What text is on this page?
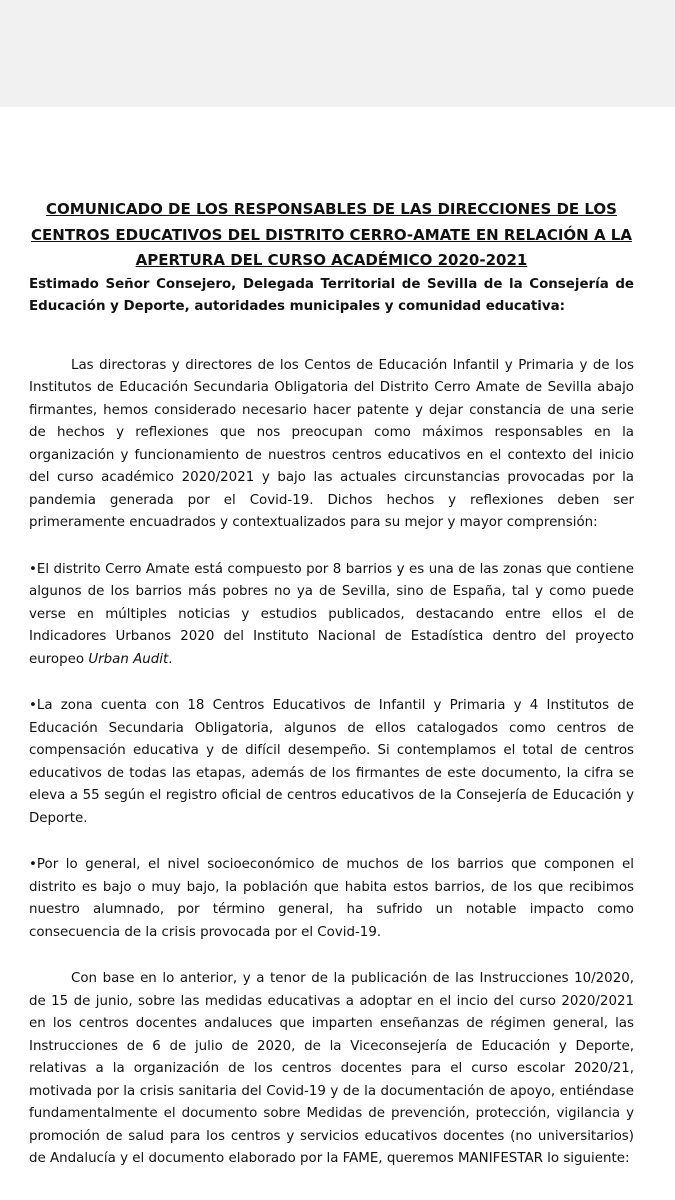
COMUNICADO DE LOS RESPONSABLES DE LAS DIRECCIONES DE LOS CENTROS EDUCATIVOS DEL DISTRITO CERRO-AMATE EN RELACIÓN A LA APERTURA DEL CURSO ACADÉMICO 2020-2021

Estimado Señor Consejero, Delegada Territorial de Sevilla de la Consejería de Educación y Deporte, autoridades municipales y comunidad educativa:

Las directoras y directores de los Centos de Educación Infantil y Primaria y de los Institutos de Educación Secundaria Obligatoria del Distrito Cerro Amate de Sevilla abajo firmantes, hemos considerado necesario hacer patente y dejar constancia de una serie de hechos y reflexiones que nos preocupan como máximos responsables en la organización y funcionamiento de nuestros centros educativos en el contexto del inicio del curso académico 2020/2021 y bajo las actuales circunstancias provocadas por la pandemia generada por el Covid-19. Dichos hechos y reflexiones deben ser primeramente encuadrados y contextualizados para su mejor y mayor comprensión:

•El distrito Cerro Amate está compuesto por 8 barrios y es una de las zonas que contiene algunos de los barrios más pobres no ya de Sevilla, sino de España, tal y como puede verse en múltiples noticias y estudios publicados, destacando entre ellos el de Indicadores Urbanos 2020 del Instituto Nacional de Estadística dentro del proyecto europeo Urban Audit.

•La zona cuenta con 18 Centros Educativos de Infantil y Primaria y 4 Institutos de Educación Secundaria Obligatoria, algunos de ellos catalogados como centros de compensación educativa y de difícil desempeño. Si contemplamos el total de centros educativos de todas las etapas, además de los firmantes de este documento, la cifra se eleva a 55 según el registro oficial de centros educativos de la Consejería de Educación y Deporte.

•Por lo general, el nivel socioeconómico de muchos de los barrios que componen el distrito es bajo o muy bajo, la población que habita estos barrios, de los que recibimos nuestro alumnado, por término general, ha sufrido un notable impacto como consecuencia de la crisis provocada por el Covid-19.

Con base en lo anterior, y a tenor de la publicación de las Instrucciones 10/2020, de 15 de junio, sobre las medidas educativas a adoptar en el incio del curso 2020/2021 en los centros docentes andaluces que imparten enseñanzas de régimen general, las Instrucciones de 6 de julio de 2020, de la Viceconsejería de Educación y Deporte, relativas a la organización de los centros docentes para el curso escolar 2020/21, motivada por la crisis sanitaria del Covid-19 y de la documentación de apoyo, entiéndase fundamentalmente el documento sobre Medidas de prevención, protección, vigilancia y promoción de salud para los centros y servicios educativos docentes (no universitarios) de Andalucía y el documento elaborado por la FAME, queremos MANIFESTAR lo siguiente:
